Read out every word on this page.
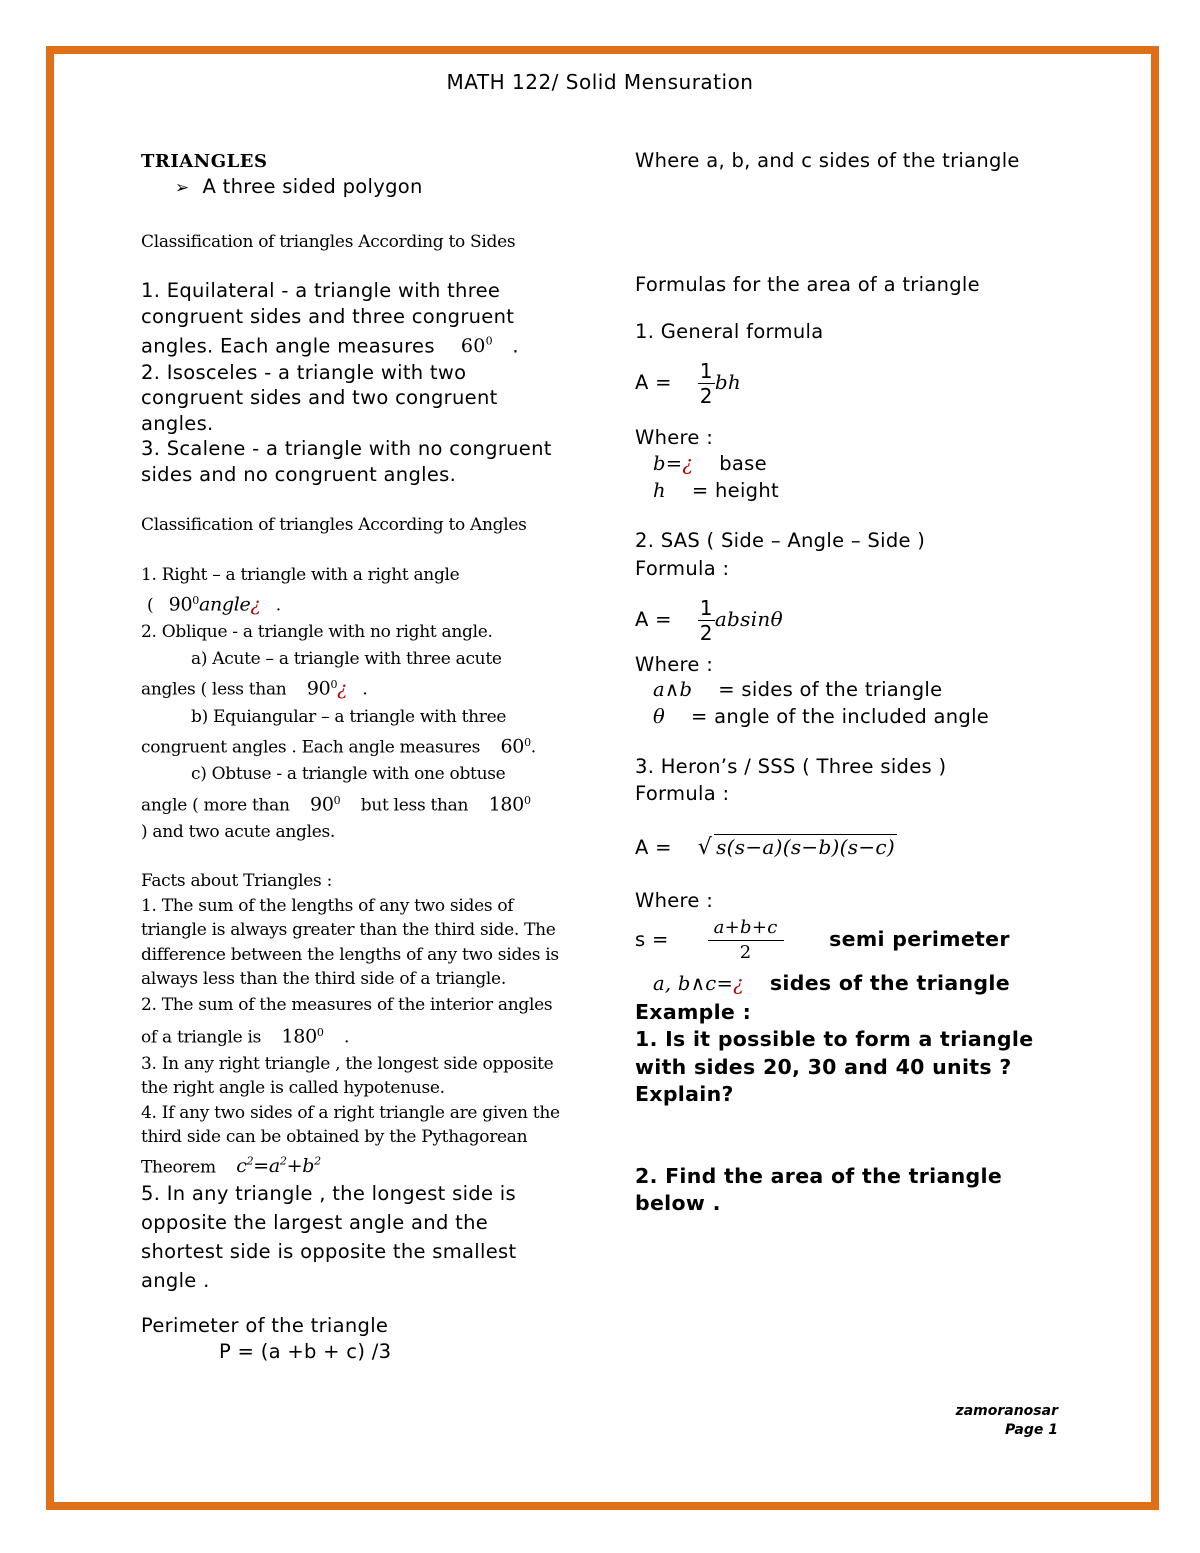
MATH 122/ Solid Mensuration
TRIANGLES
➢ A three sided polygon
Classification of triangles According to Sides
1. Equilateral - a triangle with three congruent sides and three congruent angles. Each angle measures $60^0$   .
2. Isosceles - a triangle with two congruent sides and two congruent angles.
3. Scalene - a triangle with no congruent sides and no congruent angles.
Classification of triangles According to Angles
1. Right – a triangle with a right angle
( $90^0angle¿$   .
2. Oblique - a triangle with no right angle.
a) Acute – a triangle with three acute
angles ( less than $90^0¿$   .
b) Equiangular – a triangle with three
congruent angles . Each angle measures $60^0$.
c) Obtuse - a triangle with one obtuse
angle ( more than $90^0$ but less than $180^0$
) and two acute angles.
Facts about Triangles :
1. The sum of the lengths of any two sides of triangle is always greater than the third side. The difference between the lengths of any two sides is always less than the third side of a triangle.
2. The sum of the measures of the interior angles of a triangle is $180^0$    .
3. In any right triangle , the longest side opposite the right angle is called hypotenuse.
4. If any two sides of a right triangle are given the third side can be obtained by the Pythagorean Theorem $c^2=a^2+b^2$
5. In any triangle , the longest side is opposite the largest angle and the shortest side is opposite the smallest angle .
Perimeter of the triangle
P = (a +b + c) /3
Where a, b, and c sides of the triangle
Formulas for the area of a triangle
1. General formula
$A = \frac{1}{2}$ bh
Where :
b=¿ base
h = height
2. SAS ( Side – Angle – Side )
Formula :
$A = \frac{1}{2}$ absinθ
Where :
a∧b = sides of the triangle
θ = angle of the included angle
3. Heron’s / SSS ( Three sides )
Formula :
A = √ s(s−a)(s−b)(s−c)
Where :
$s = \frac{a+b+c}{2}$ semi perimeter
a, b∧c=¿ sides of the triangle
Example :
1. Is it possible to form a triangle with sides 20, 30 and 40 units ? Explain?
2. Find the area of the triangle below .
zamoranosar
Page 1
